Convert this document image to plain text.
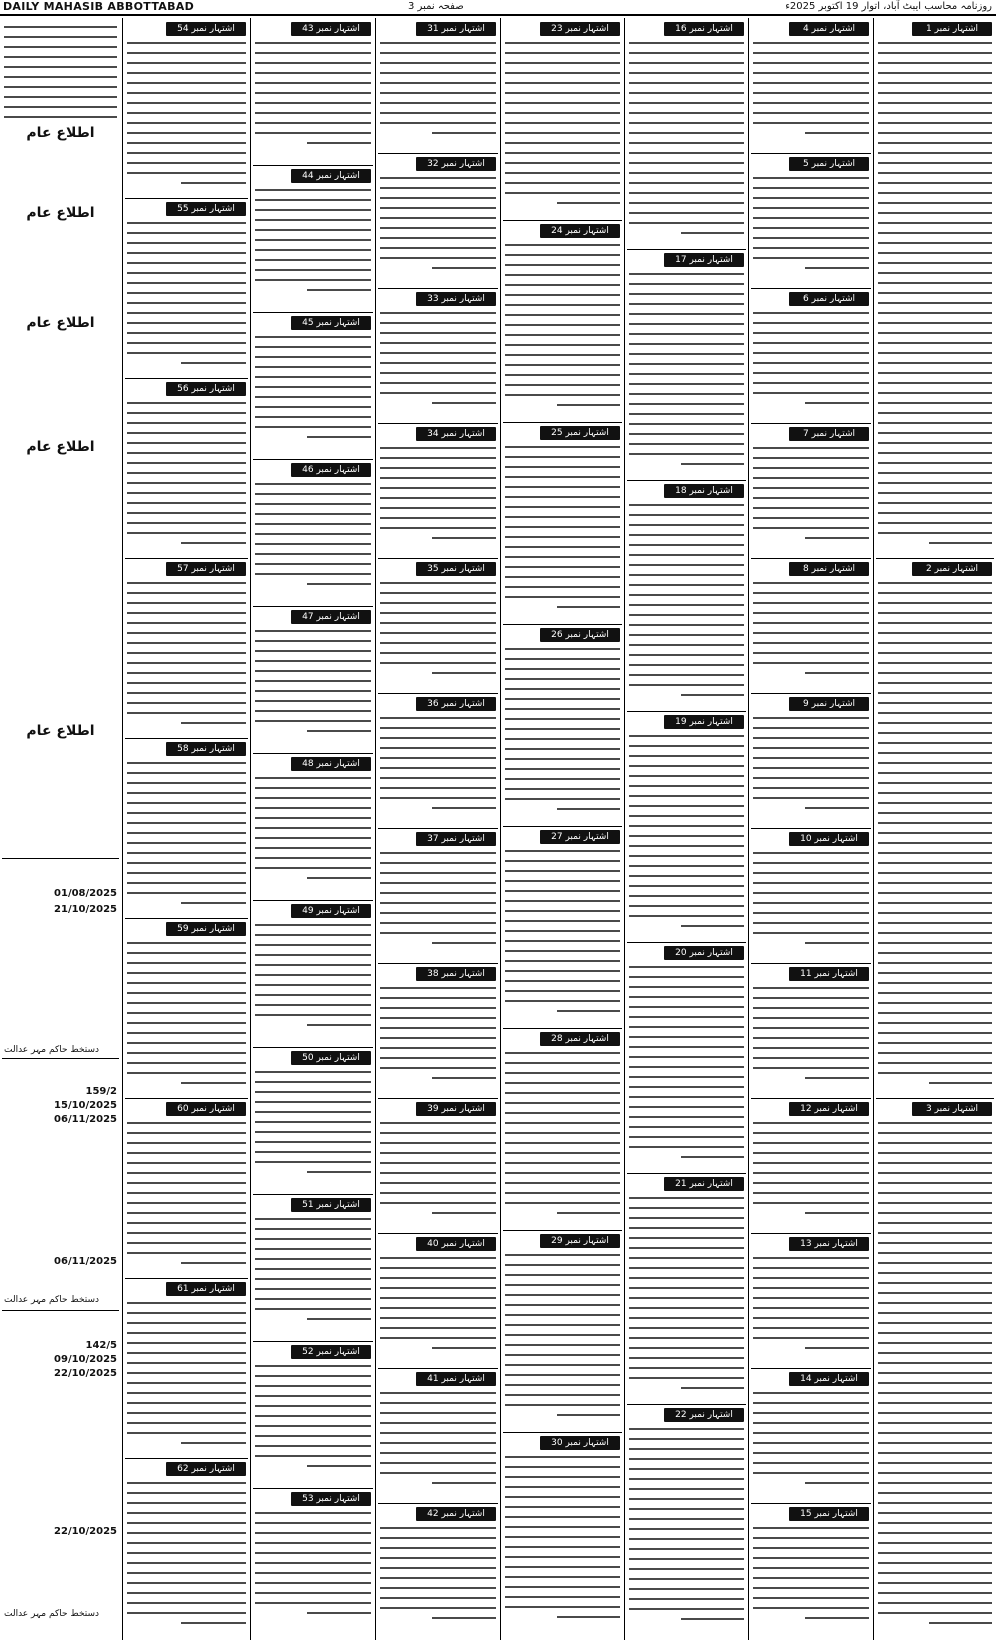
DAILY MAHASIB ABBOTTABAD	صفحہ نمبر 3	روزنامہ محاسب ایبٹ آباد، اتوار 19 اکتوبر 2025ء
اطلاع عام
اطلاع عام
اطلاع عام
اطلاع عام
اطلاع عام
01/08/2025
21/10/2025
دستخط حاکم مہر عدالت
159/2
15/10/2025
06/11/2025
06/11/2025
دستخط حاکم مہر عدالت
142/5
09/10/2025
22/10/2025
22/10/2025
دستخط حاکم مہر عدالت
اشتہار نمبر 54
اشتہار نمبر 55
اشتہار نمبر 56
اشتہار نمبر 57
اشتہار نمبر 58
اشتہار نمبر 59
اشتہار نمبر 60
اشتہار نمبر 61
اشتہار نمبر 62
اشتہار نمبر 43
اشتہار نمبر 44
اشتہار نمبر 45
اشتہار نمبر 46
اشتہار نمبر 47
اشتہار نمبر 48
اشتہار نمبر 49
اشتہار نمبر 50
اشتہار نمبر 51
اشتہار نمبر 52
اشتہار نمبر 53
اشتہار نمبر 31
اشتہار نمبر 32
اشتہار نمبر 33
اشتہار نمبر 34
اشتہار نمبر 35
اشتہار نمبر 36
اشتہار نمبر 37
اشتہار نمبر 38
اشتہار نمبر 39
اشتہار نمبر 40
اشتہار نمبر 41
اشتہار نمبر 42
اشتہار نمبر 23
اشتہار نمبر 24
اشتہار نمبر 25
اشتہار نمبر 26
اشتہار نمبر 27
اشتہار نمبر 28
اشتہار نمبر 29
اشتہار نمبر 30
اشتہار نمبر 16
اشتہار نمبر 17
اشتہار نمبر 18
اشتہار نمبر 19
اشتہار نمبر 20
اشتہار نمبر 21
اشتہار نمبر 22
اشتہار نمبر 4
اشتہار نمبر 5
اشتہار نمبر 6
اشتہار نمبر 7
اشتہار نمبر 8
اشتہار نمبر 9
اشتہار نمبر 10
اشتہار نمبر 11
اشتہار نمبر 12
اشتہار نمبر 13
اشتہار نمبر 14
اشتہار نمبر 15
اشتہار نمبر 1
اشتہار نمبر 2
اشتہار نمبر 3
